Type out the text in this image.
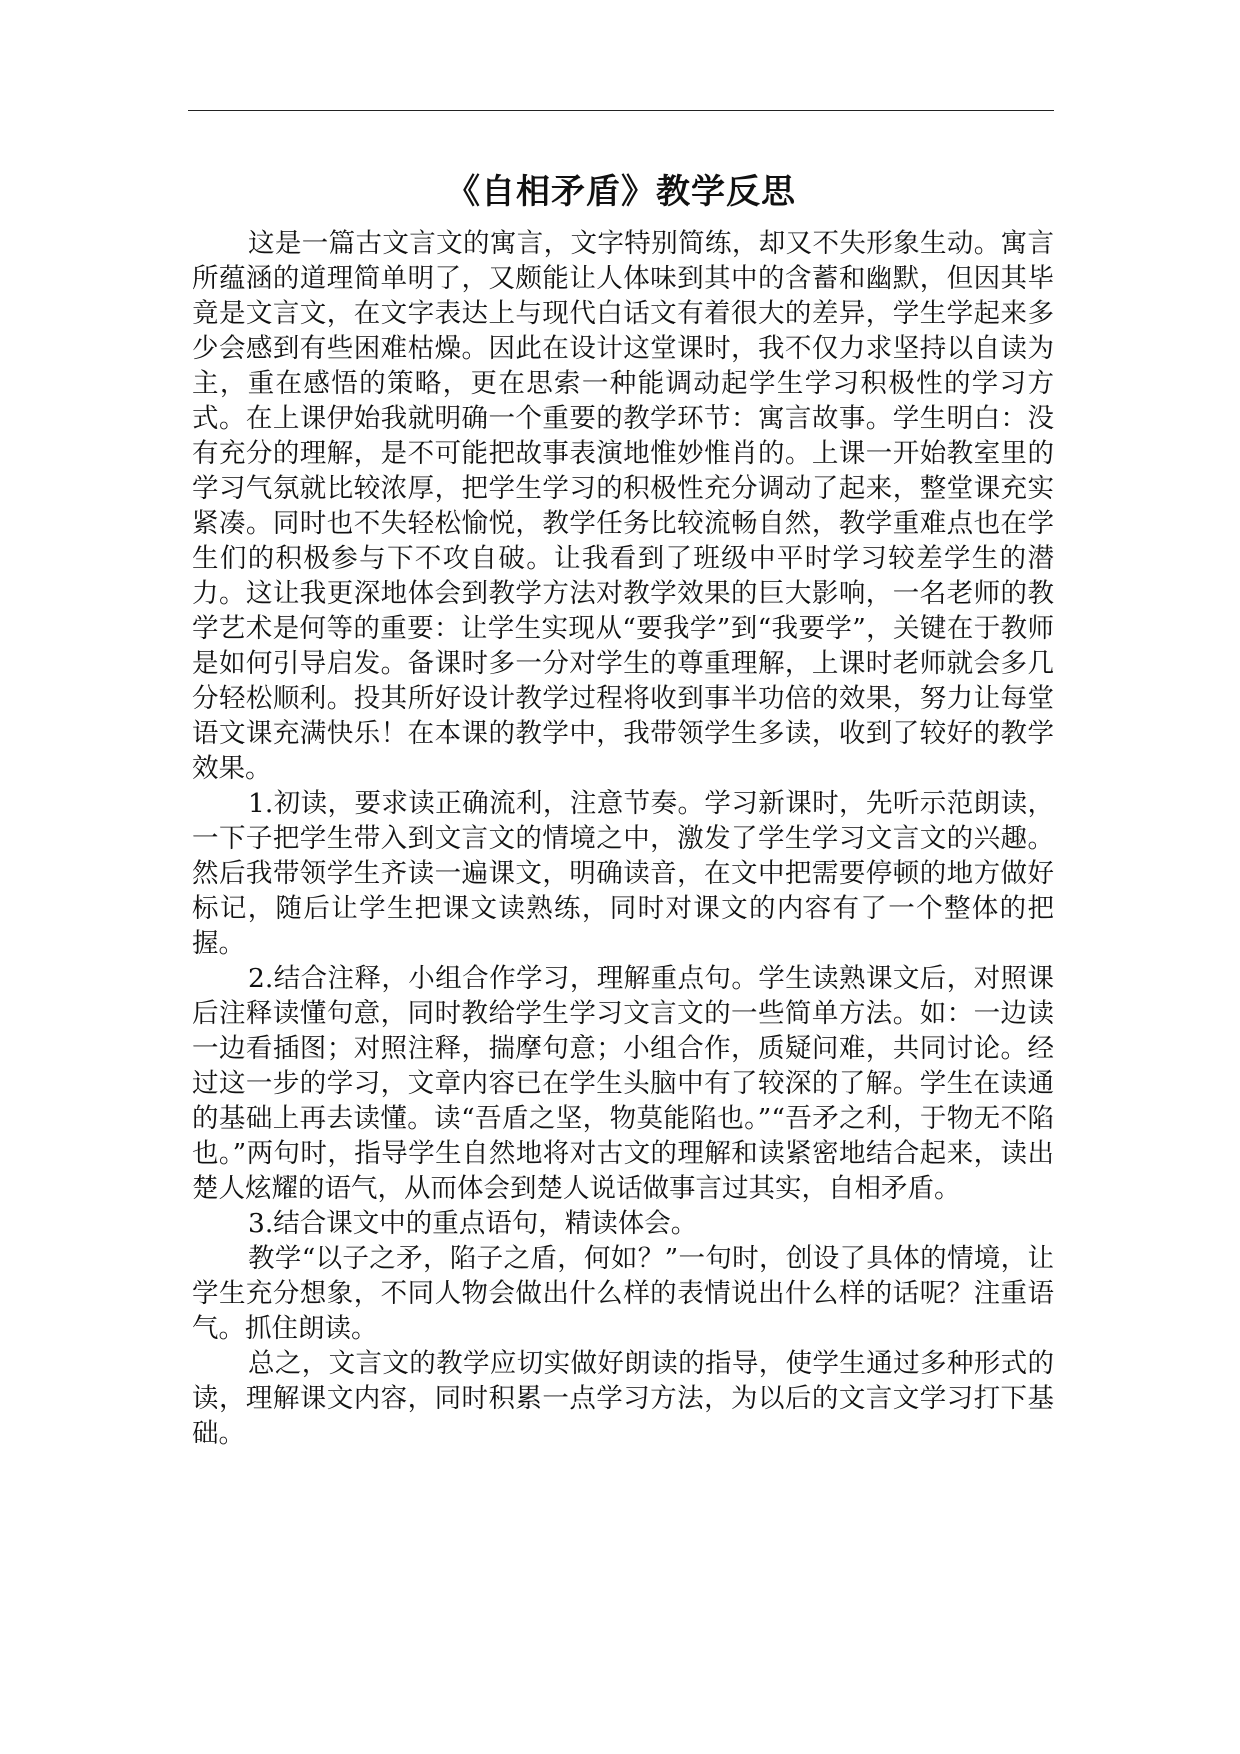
《自相矛盾》教学反思

这是一篇古文言文的寓言，文字特别简练，却又不失形象生动。寓言所蕴涵的道理简单明了，又颇能让人体味到其中的含蓄和幽默，但因其毕竟是文言文，在文字表达上与现代白话文有着很大的差异，学生学起来多少会感到有些困难枯燥。因此在设计这堂课时，我不仅力求坚持以自读为主，重在感悟的策略，更在思索一种能调动起学生学习积极性的学习方式。在上课伊始我就明确一个重要的教学环节：寓言故事。学生明白：没有充分的理解，是不可能把故事表演地惟妙惟肖的。上课一开始教室里的学习气氛就比较浓厚，把学生学习的积极性充分调动了起来，整堂课充实紧凑。同时也不失轻松愉悦，教学任务比较流畅自然，教学重难点也在学生们的积极参与下不攻自破。让我看到了班级中平时学习较差学生的潜力。这让我更深地体会到教学方法对教学效果的巨大影响，一名老师的教学艺术是何等的重要：让学生实现从“要我学”到“我要学”，关键在于教师是如何引导启发。备课时多一分对学生的尊重理解，上课时老师就会多几分轻松顺利。投其所好设计教学过程将收到事半功倍的效果，努力让每堂语文课充满快乐！在本课的教学中，我带领学生多读，收到了较好的教学效果。

1.初读，要求读正确流利，注意节奏。学习新课时，先听示范朗读，一下子把学生带入到文言文的情境之中，激发了学生学习文言文的兴趣。然后我带领学生齐读一遍课文，明确读音，在文中把需要停顿的地方做好标记，随后让学生把课文读熟练，同时对课文的内容有了一个整体的把握。

2.结合注释，小组合作学习，理解重点句。学生读熟课文后，对照课后注释读懂句意，同时教给学生学习文言文的一些简单方法。如：一边读一边看插图；对照注释，揣摩句意；小组合作，质疑问难，共同讨论。经过这一步的学习，文章内容已在学生头脑中有了较深的了解。学生在读通的基础上再去读懂。读“吾盾之坚，物莫能陷也。”“吾矛之利，于物无不陷也。”两句时，指导学生自然地将对古文的理解和读紧密地结合起来，读出楚人炫耀的语气，从而体会到楚人说话做事言过其实，自相矛盾。

3.结合课文中的重点语句，精读体会。

教学“以子之矛，陷子之盾，何如？”一句时，创设了具体的情境，让学生充分想象，不同人物会做出什么样的表情说出什么样的话呢？注重语气。抓住朗读。

总之，文言文的教学应切实做好朗读的指导，使学生通过多种形式的读，理解课文内容，同时积累一点学习方法，为以后的文言文学习打下基础。
